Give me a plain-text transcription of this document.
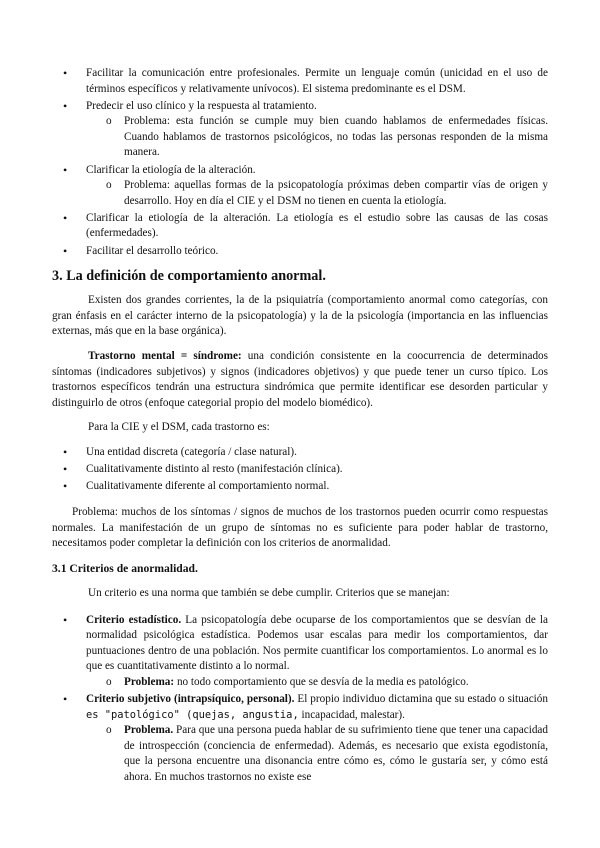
• Facilitar la comunicación entre profesionales. Permite un lenguaje común (unicidad en el uso de términos específicos y relativamente unívocos). El sistema predominante es el DSM.
• Predecir el uso clínico y la respuesta al tratamiento.
o Problema: esta función se cumple muy bien cuando hablamos de enfermedades físicas. Cuando hablamos de trastornos psicológicos, no todas las personas responden de la misma manera.
• Clarificar la etiología de la alteración.
o Problema: aquellas formas de la psicopatología próximas deben compartir vías de origen y desarrollo. Hoy en día el CIE y el DSM no tienen en cuenta la etiología.
• Clarificar la etiología de la alteración. La etiología es el estudio sobre las causas de las cosas (enfermedades).
• Facilitar el desarrollo teórico.
3. La definición de comportamiento anormal.

Existen dos grandes corrientes, la de la psiquiatría (comportamiento anormal como categorías, con gran énfasis en el carácter interno de la psicopatología) y la de la psicología (importancia en las influencias externas, más que en la base orgánica).

Trastorno mental = síndrome: una condición consistente en la coocurrencia de determinados síntomas (indicadores subjetivos) y signos (indicadores objetivos) y que puede tener un curso típico. Los trastornos específicos tendrán una estructura sindrómica que permite identificar ese desorden particular y distinguirlo de otros (enfoque categorial propio del modelo biomédico).

Para la CIE y el DSM, cada trastorno es:

• Una entidad discreta (categoría / clase natural).
• Cualitativamente distinto al resto (manifestación clínica).
• Cualitativamente diferente al comportamiento normal.

Problema: muchos de los síntomas / signos de muchos de los trastornos pueden ocurrir como respuestas normales. La manifestación de un grupo de síntomas no es suficiente para poder hablar de trastorno, necesitamos poder completar la definición con los criterios de anormalidad.

3.1 Criterios de anormalidad.

Un criterio es una norma que también se debe cumplir. Criterios que se manejan:

• Criterio estadístico. La psicopatología debe ocuparse de los comportamientos que se desvían de la normalidad psicológica estadística. Podemos usar escalas para medir los comportamientos, dar puntuaciones dentro de una población. Nos permite cuantificar los comportamientos. Lo anormal es lo que es cuantitativamente distinto a lo normal.
o Problema: no todo comportamiento que se desvía de la media es patológico.
• Criterio subjetivo (intrapsíquico, personal). El propio individuo dictamina que su estado o situación es "patológico" (quejas, angustia, incapacidad, malestar).
o Problema. Para que una persona pueda hablar de su sufrimiento tiene que tener una capacidad de introspección (conciencia de enfermedad). Además, es necesario que exista egodistonía, que la persona encuentre una disonancia entre cómo es, cómo le gustaría ser, y cómo está ahora. En muchos trastornos no existe ese
